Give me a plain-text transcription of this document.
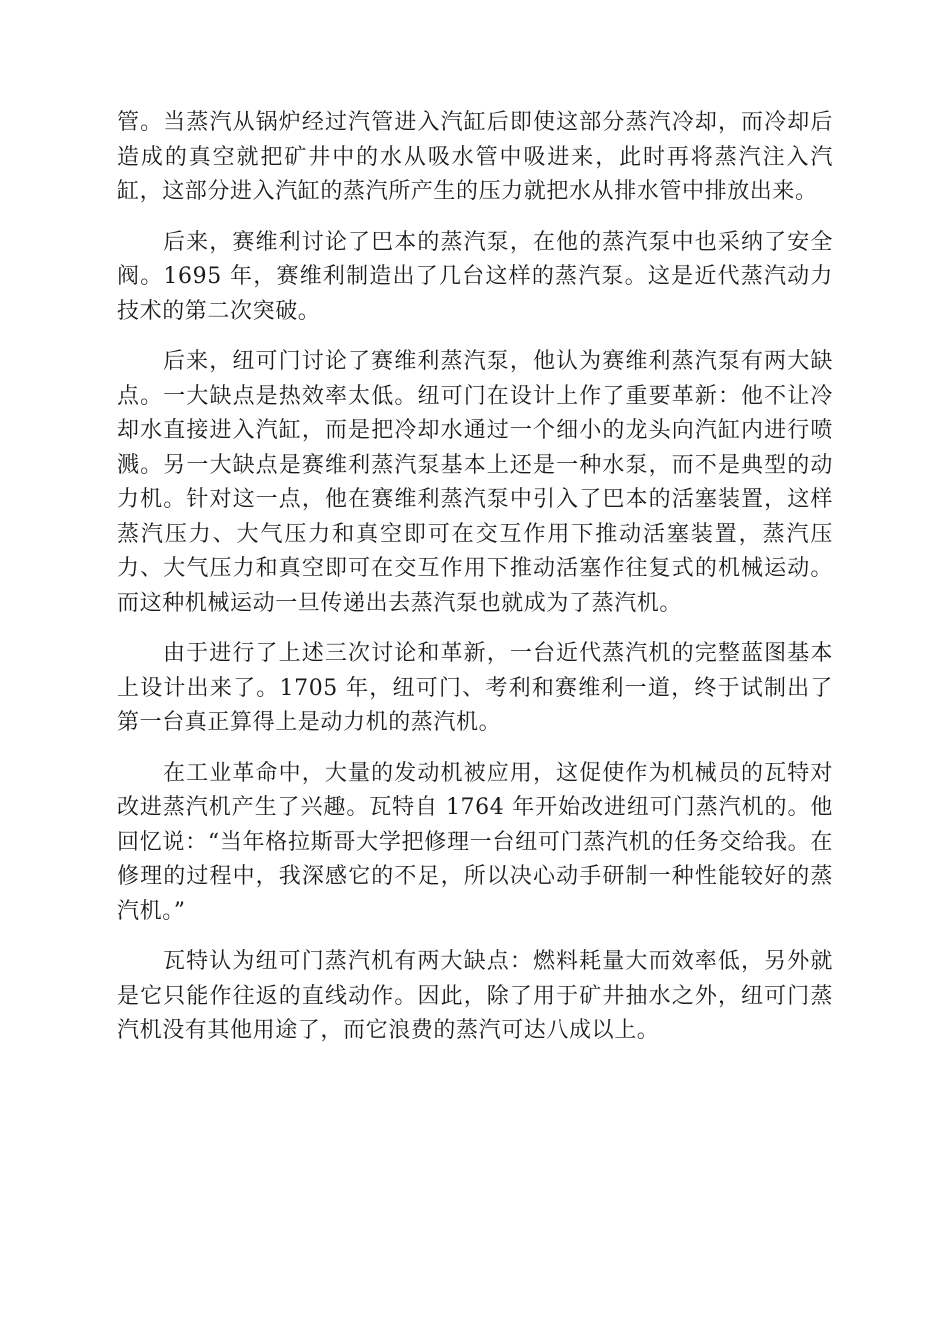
管。当蒸汽从锅炉经过汽管进入汽缸后即使这部分蒸汽冷却，而冷却后造成的真空就把矿井中的水从吸水管中吸进来，此时再将蒸汽注入汽缸，这部分进入汽缸的蒸汽所产生的压力就把水从排水管中排放出来。

后来，赛维利讨论了巴本的蒸汽泵，在他的蒸汽泵中也采纳了安全阀。1695 年，赛维利制造出了几台这样的蒸汽泵。这是近代蒸汽动力技术的第二次突破。

后来，纽可门讨论了赛维利蒸汽泵，他认为赛维利蒸汽泵有两大缺点。一大缺点是热效率太低。纽可门在设计上作了重要革新：他不让冷却水直接进入汽缸，而是把冷却水通过一个细小的龙头向汽缸内进行喷溅。另一大缺点是赛维利蒸汽泵基本上还是一种水泵，而不是典型的动力机。针对这一点，他在赛维利蒸汽泵中引入了巴本的活塞装置，这样蒸汽压力、大气压力和真空即可在交互作用下推动活塞装置，蒸汽压力、大气压力和真空即可在交互作用下推动活塞作往复式的机械运动。而这种机械运动一旦传递出去蒸汽泵也就成为了蒸汽机。

由于进行了上述三次讨论和革新，一台近代蒸汽机的完整蓝图基本上设计出来了。1705 年，纽可门、考利和赛维利一道，终于试制出了第一台真正算得上是动力机的蒸汽机。

在工业革命中，大量的发动机被应用，这促使作为机械员的瓦特对改进蒸汽机产生了兴趣。瓦特自 1764 年开始改进纽可门蒸汽机的。他回忆说：“当年格拉斯哥大学把修理一台纽可门蒸汽机的任务交给我。在修理的过程中，我深感它的不足，所以决心动手研制一种性能较好的蒸汽机。”

瓦特认为纽可门蒸汽机有两大缺点：燃料耗量大而效率低，另外就是它只能作往返的直线动作。因此，除了用于矿井抽水之外，纽可门蒸汽机没有其他用途了，而它浪费的蒸汽可达八成以上。
